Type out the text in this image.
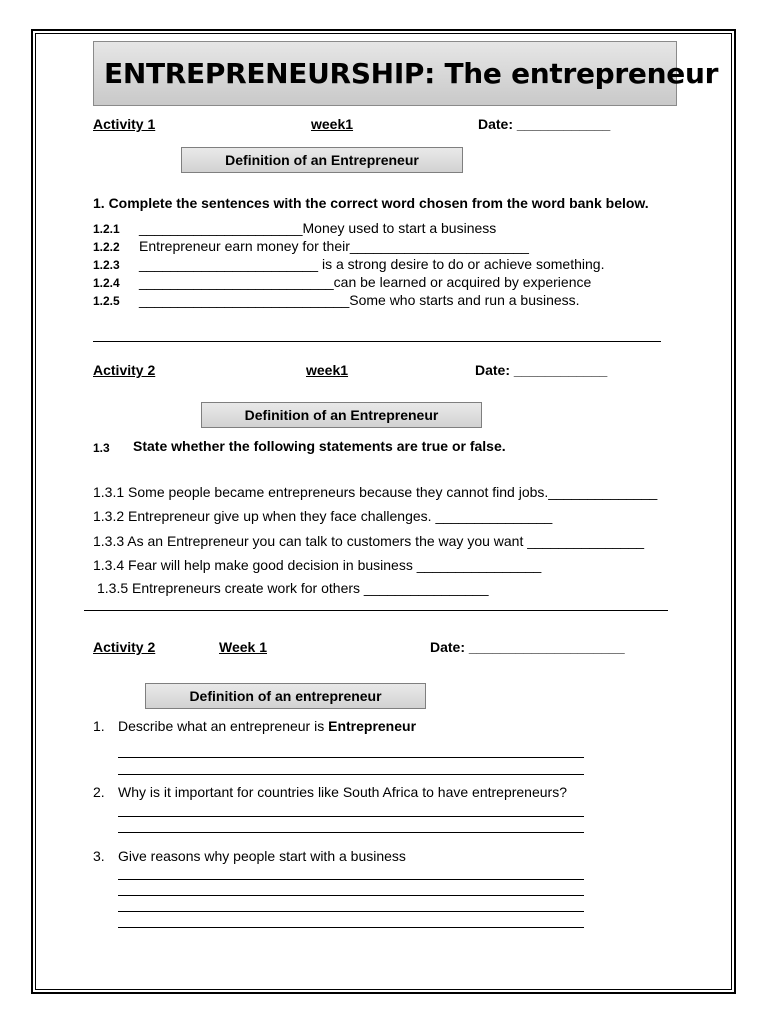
ENTREPRENEURSHIP: The entrepreneur
Activity 1	week1	Date: ____________
Definition of an Entrepreneur
1. Complete the sentences with the correct word chosen from the word bank below.
1.2.1 _____________________Money used to start a business
1.2.2 Entrepreneur earn money for their_______________________
1.2.3 _______________________ is a strong desire to do or achieve something.
1.2.4 _________________________can be learned or acquired by experience
1.2.5 ___________________________Some who starts and run a business.
Activity 2	week1	Date: ____________
Definition of an Entrepreneur
1.3 State whether the following statements are true or false.
1.3.1 Some people became entrepreneurs because they cannot find jobs.______________
1.3.2 Entrepreneur give up when they face challenges. _______________
1.3.3 As an Entrepreneur you can talk to customers the way you want _______________
1.3.4 Fear will help make good decision in business ________________
1.3.5 Entrepreneurs create work for others ________________
Activity 2	Week 1	Date: ____________________
Definition of an entrepreneur
1. Describe what an entrepreneur is Entrepreneur
2. Why is it important for countries like South Africa to have entrepreneurs?
3. Give reasons why people start with a business
